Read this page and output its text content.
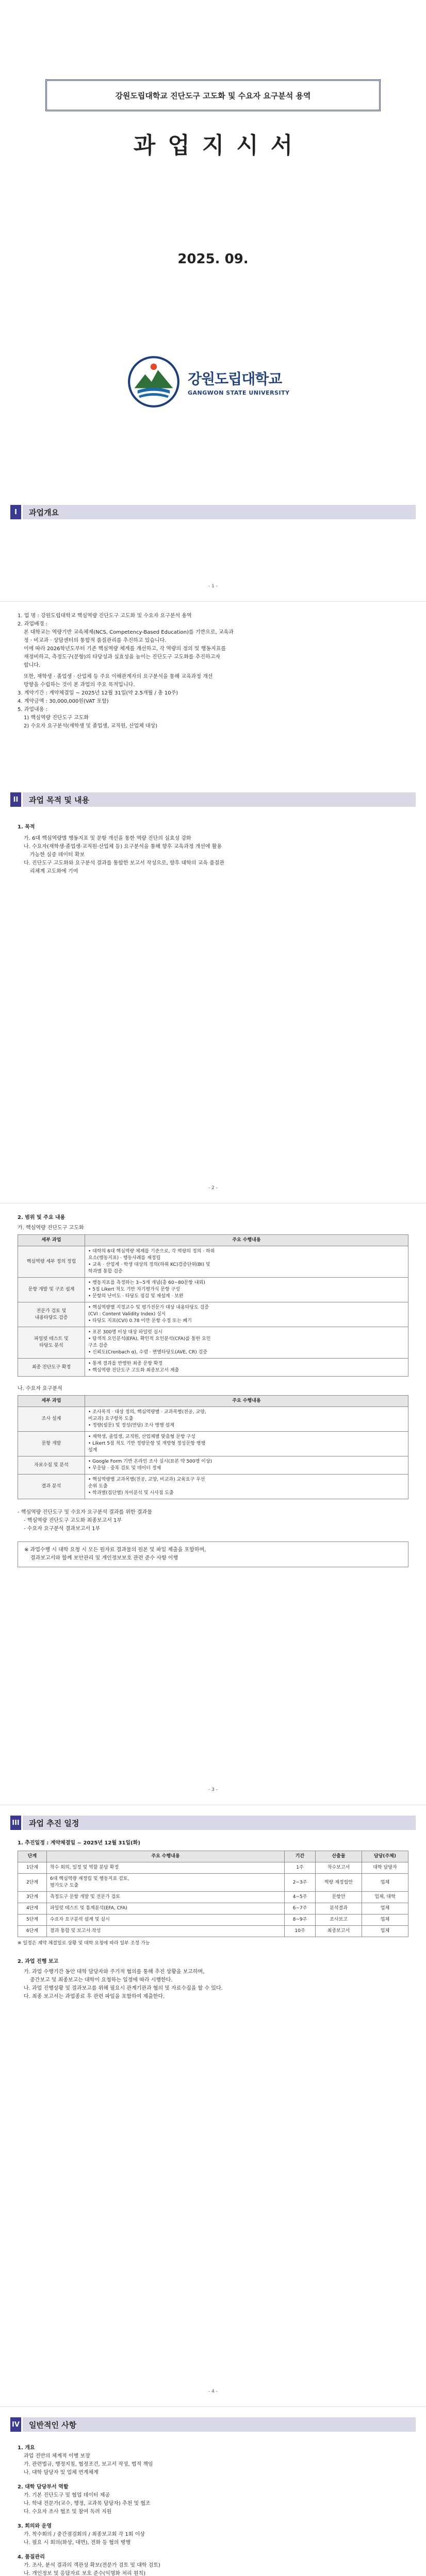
강원도립대학교 진단도구 고도화 및 수요자 요구분석 용역
과업지시서
2025. 09.
강원도립대학교
GANGWON STATE UNIVERSITY
I	과업개요
- 1 -
1. 업 명 : 강원도립대학교 핵심역량 진단도구 고도화 및 수요자 요구분석 용역
2. 과업배경 :
본 대학교는 역량기반 교육체제(NCS, Competency-Based Education)를 기반으로, 교육과
정 · 비교과 · 상담센터의 통합적 품질관리를 추진하고 있습니다.
이에 따라 2026학년도부터 기존 핵심역량 체계를 개선하고, 각 역량의 정의 및 행동지표를
재정비하고, 측정도구(문항)의 타당성과 실효성을 높이는 진단도구 고도화를 추진하고자
합니다.
또한, 재학생 · 졸업생 · 산업체 등 주요 이해관계자의 요구분석을 통해 교육과정 개선
방향을 수립하는 것이 본 과업의 주요 목적입니다.
3. 계약기간 : 계약체결일 ~ 2025년 12월 31일(약 2.5개월 / 총 10주)
4. 계약금액 : 30,000,000원(VAT 포함)
5. 과업내용 :
1) 핵심역량 진단도구 고도화
2) 수요자 요구분석(재학생 및 졸업생, 교직원, 산업체 대상)
II	과업 목적 및 내용
1. 목적
가. 6대 핵심역량별 행동지표 및 문항 개선을 통한 역량 진단의 실효성 강화
나. 수요자(재학생·졸업생·교직원·산업체 등) 요구분석을 통해 향후 교육과정 개선에 활용
가능한 실증 데이터 확보
다. 진단도구 고도화와 요구분석 결과를 통합한 보고서 작성으로, 향후 대학의 교육 품질관
리체계 고도화에 기여
- 2 -
2. 범위 및 주요 내용
가. 핵심역량 진단도구 고도화
세부 과업	주요 수행내용
핵심역량 세부 정의 정립	• 대학의 6대 핵심역량 체계를 기준으로, 각 역량의 정의 · 하위
요소(행동지표) · 행동사례를 재정립
• 교육 · 산업계 · 학생 대상의 정의(하위 KC)검증단위(BI) 및
학과별 통합 검증
문항 개발 및 구조 설계	• 행동지표를 측정하는 3~5개 개념(총 60~80문항 내외)
• 5점 Likert 척도 기반 자기평가식 문항 구성
• 문항의 난이도 · 타당도 점검 및 재설계 · 보완
전문가 검토 및
내용타당도 검증	• 핵심역량별 지정교수 및 평가전문가 대상 내용타당도 검증
(CVI : Content Validity Index) 실시
• 타당도 지표(CVI) 0.78 미만 문항 수정 또는 폐기
파일럿 테스트 및
타당도 분석	• 표본 300명 이상 대상 파일럿 실시
• 탐색적 요인분석(EFA), 확인적 요인분석(CFA)를 통한 요인
구조 검증
• 신뢰도(Cronbach α), 수렴 · 변별타당도(AVE, CR) 검증
최종 진단도구 확정	• 통계 결과를 반영한 최종 문항 확정
• 핵심역량 진단도구 고도화 최종보고서 제출
나. 수요자 요구분석
세부 과업	주요 수행내용
조사 설계	• 조사목적 · 대상 정의, 핵심역량별 · 교과목별(전공, 교양,
비교과) 요구항목 도출
• 정량(설문) 및 정성(면담) 조사 병행 설계
문항 개발	• 재학생, 졸업생, 교직원, 산업체별 맞춤형 문항 구성
• Likert 5점 척도 기반 정량문항 및 개방형 정성문항 병행
설계
자료수집 및 분석	• Google Form 기반 온라인 조사 실시(표본 약 500명 이상)
• 무응답 · 중복 검토 및 데이터 정제
결과 분석	• 핵심역량별 교과목별(전공, 교양, 비교과) 교육요구 우선
순위 도출
• 학과별(집단별) 차이분석 및 시사점 도출
- 핵심역량 진단도구 및 수요자 요구분석 결과를 위한 결과물
- 핵심역량 진단도구 고도화 최종보고서 1부
- 수요자 요구분석 결과보고서 1부
※ 과업수행 시 대학 요청 시 모든 원자료 결과물의 원본 및 파일 제출을 포함하며,
결과보고서와 함께 보안관리 및 개인정보보호 관련 준수 사항 이행
- 3 -
III	과업 추진 일정
1. 추진일정 : 계약체결일 ~ 2025년 12월 31일(화)
단계	주요 수행내용	기간	산출물	담당(주체)
1단계	착수 회의, 일정 및 역할 분담 확정	1주	착수보고서	대학 담당자
2단계	6대 핵심역량 재정립 및 행동지표 검토,
평가도구 도출	2~3주	역량 재정립안	업체
3단계	측정도구 문항 개발 및 전문가 검토	4~5주	문항안	업체, 대학
4단계	파일럿 테스트 및 통계분석(EFA, CFA)	6~7주	분석결과	업체
5단계	수요자 요구분석 설계 및 실시	8~9주	조사보고	업체
6단계	결과 통합 및 보고서 작성	10주	최종보고서	업체
※ 일정은 계약 체결일로 상황 및 대학 요청에 따라 일부 조정 가능
2. 과업 진행 보고
가. 과업 수행기간 동안 대학 담당자와 주기적 협의를 통해 추진 상황을 보고하며,
중간보고 및 최종보고는 대학이 요청하는 일정에 따라 시행한다.
나. 과업 진행상황 및 결과보고를 위해 필요시 관계기관과 협의 및 자료수집을 할 수 있다.
다. 최종 보고서는 과업종료 후 관련 파일을 포함하여 제출한다.
- 4 -
IV	일반적인 사항
1. 개요
과업 전반의 체계적 이행 보장
가. 관련법규, 행정지침, 협정조건, 보고서 작성, 법적 책임
나. 대학 담당자 및 업체 연계체계
2. 대학 담당부서 역할
가. 기본 진단도구 및 협업 데이터 제공
나. 학내 전문가(교수, 행정, 교과목 담당자) 추천 및 협조
다. 수요자 조사 협조 및 참여 독려 지원
3. 회의와 운영
가. 착수회의 / 중간점검회의 / 최종보고회 각 1회 이상
나. 필요 시 회의(화상, 대면), 전화 등 협의 병행
4. 품질관리
가. 조사, 분석 결과의 객관성 확보(전문가 검토 및 대학 검토)
나. 개인정보 및 응답자료 보호 준수(익명화 처리 원칙)
